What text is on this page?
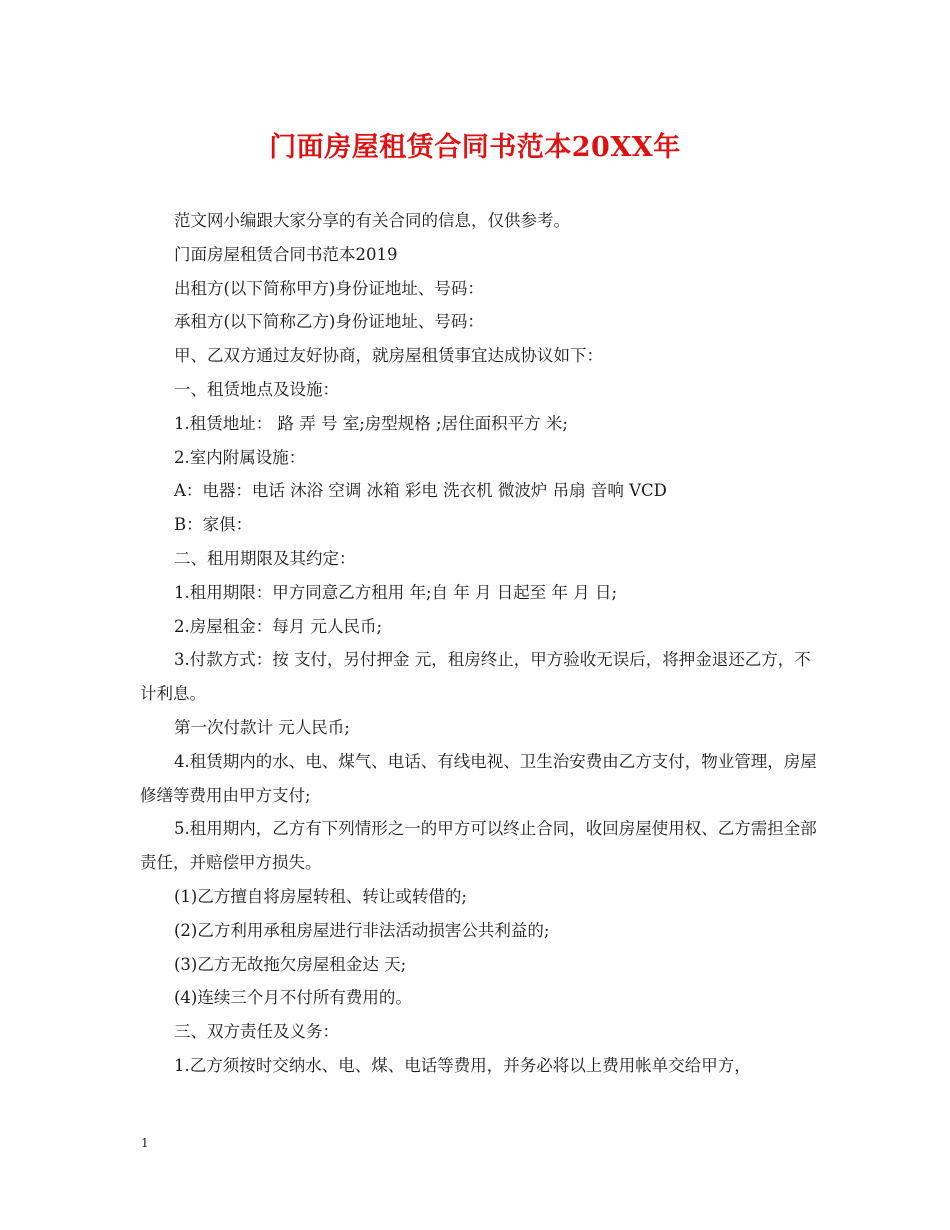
门面房屋租赁合同书范本20XX年

范文网小编跟大家分享的有关合同的信息，仅供参考。

门面房屋租赁合同书范本2019

出租方(以下简称甲方)身份证地址、号码：

承租方(以下简称乙方)身份证地址、号码：

甲、乙双方通过友好协商，就房屋租赁事宜达成协议如下：

一、租赁地点及设施：

1.租赁地址： 路 弄 号 室;房型规格 ;居住面积平方 米;

2.室内附属设施：

A：电器：电话 沐浴 空调 冰箱 彩电 洗衣机 微波炉 吊扇 音响 VCD

B：家俱：

二、租用期限及其约定：

1.租用期限：甲方同意乙方租用 年;自 年 月 日起至 年 月 日;

2.房屋租金：每月 元人民币;

3.付款方式：按 支付，另付押金 元，租房终止，甲方验收无误后，将押金退还乙方，不计利息。

第一次付款计 元人民币;

4.租赁期内的水、电、煤气、电话、有线电视、卫生治安费由乙方支付，物业管理，房屋修缮等费用由甲方支付;

5.租用期内，乙方有下列情形之一的甲方可以终止合同，收回房屋使用权、乙方需担全部责任，并赔偿甲方损失。

(1)乙方擅自将房屋转租、转让或转借的;

(2)乙方利用承租房屋进行非法活动损害公共利益的;

(3)乙方无故拖欠房屋租金达 天;

(4)连续三个月不付所有费用的。

三、双方责任及义务：

1.乙方须按时交纳水、电、煤、电话等费用，并务必将以上费用帐单交给甲方，

1
